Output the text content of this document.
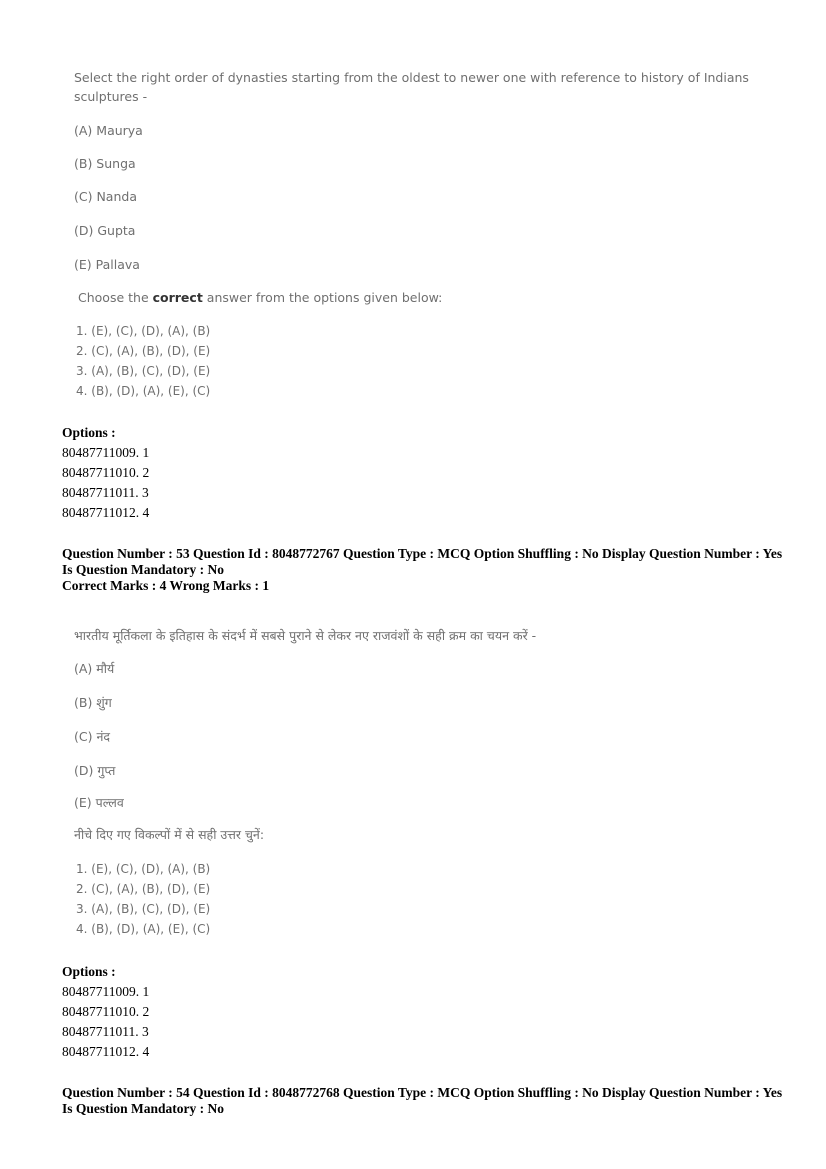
Select the right order of dynasties starting from the oldest to newer one with reference to history of Indians sculptures -
(A) Maurya
(B) Sunga
(C) Nanda
(D) Gupta
(E) Pallava
Choose the correct answer from the options given below:
1. (E), (C), (D), (A), (B)
2. (C), (A), (B), (D), (E)
3. (A), (B), (C), (D), (E)
4. (B), (D), (A), (E), (C)
Options :
80487711009. 1
80487711010. 2
80487711011. 3
80487711012. 4
Question Number : 53 Question Id : 8048772767 Question Type : MCQ Option Shuffling : No Display Question Number : Yes
Is Question Mandatory : No
Correct Marks : 4 Wrong Marks : 1
भारतीय मूर्तिकला के इतिहास के संदर्भ में सबसे पुराने से लेकर नए राजवंशों के सही क्रम का चयन करें -
(A) मौर्य
(B) शुंग
(C) नंद
(D) गुप्त
(E) पल्लव
नीचे दिए गए विकल्पों में से सही उत्तर चुनें:
1. (E), (C), (D), (A), (B)
2. (C), (A), (B), (D), (E)
3. (A), (B), (C), (D), (E)
4. (B), (D), (A), (E), (C)
Options :
80487711009. 1
80487711010. 2
80487711011. 3
80487711012. 4
Question Number : 54 Question Id : 8048772768 Question Type : MCQ Option Shuffling : No Display Question Number : Yes
Is Question Mandatory : No
